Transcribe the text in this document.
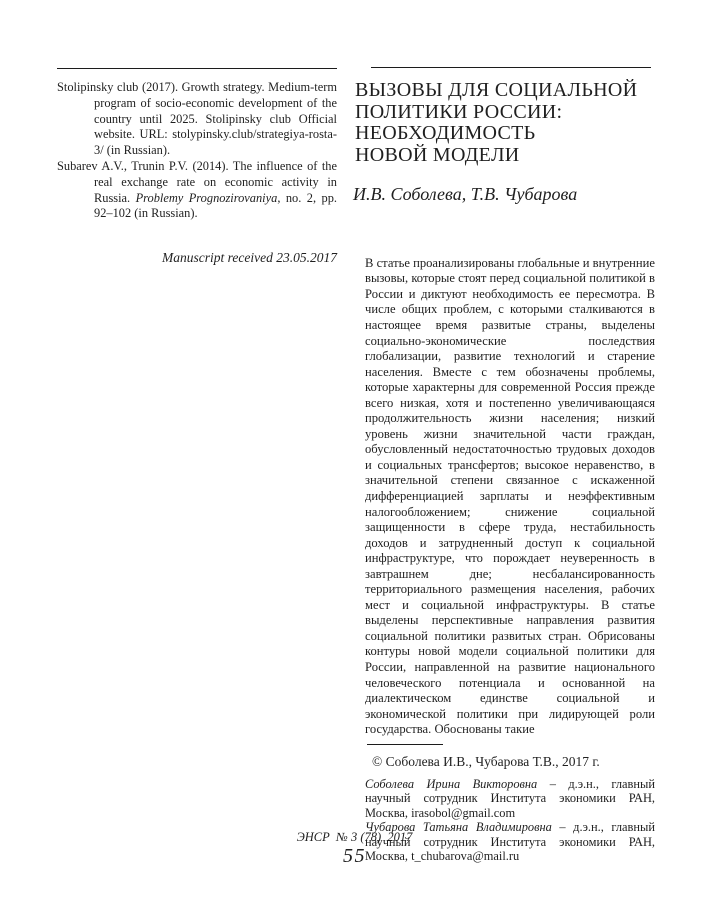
Stolipinsky club (2017). Growth strategy. Medium-term program of socio-economic development of the country until 2025. Stolipinsky club Official website. URL: stolypinsky.club/strategiya-rosta-3/ (in Russian).

Subarev A.V., Trunin P.V. (2014). The influence of the real exchange rate on economic activity in Russia. Problemy Prognozirovaniya, no. 2, pp. 92–102 (in Russian).

Manuscript received 23.05.2017
ВЫЗОВЫ ДЛЯ СОЦИАЛЬНОЙ
ПОЛИТИКИ РОССИИ:
НЕОБХОДИМОСТЬ
НОВОЙ МОДЕЛИ
И.В. Соболева, Т.В. Чубарова
В статье проанализированы глобальные и внутренние вызовы, которые стоят перед социальной политикой в России и диктуют необходимость ее пересмотра. В числе общих проблем, с которыми сталкиваются в настоящее время развитые страны, выделены социально-экономические последствия глобализации, развитие технологий и старение населения. Вместе с тем обозначены проблемы, которые характерны для современной Россия прежде всего низкая, хотя и постепенно увеличивающаяся продолжительность жизни населения; низкий уровень жизни значительной части граждан, обусловленный недостаточностью трудовых доходов и социальных трансфертов; высокое неравенство, в значительной степени связанное с искаженной дифференциацией зарплаты и неэффективным налогообложением; снижение социальной защищенности в сфере труда, нестабильность доходов и затрудненный доступ к социальной инфраструктуре, что порождает неуверенность в завтрашнем дне; несбалансированность территориального размещения населения, рабочих мест и социальной инфраструктуры. В статье выделены перспективные направления развития социальной политики развитых стран. Обрисованы контуры новой модели социальной политики для России, направленной на развитие национального человеческого потенциала и основанной на диалектическом единстве социальной и экономической политики при лидирующей роли государства. Обоснованы такие
© Соболева И.В., Чубарова Т.В., 2017 г.

Соболева Ирина Викторовна – д.э.н., главный научный сотрудник Института экономики РАН, Москва, irasobol@gmail.com

Чубарова Татьяна Владимировна – д.э.н., главный научный сотрудник Института экономики РАН, Москва, t_chubarova@mail.ru

ЭНСР  № 3 (78)  2017
55
